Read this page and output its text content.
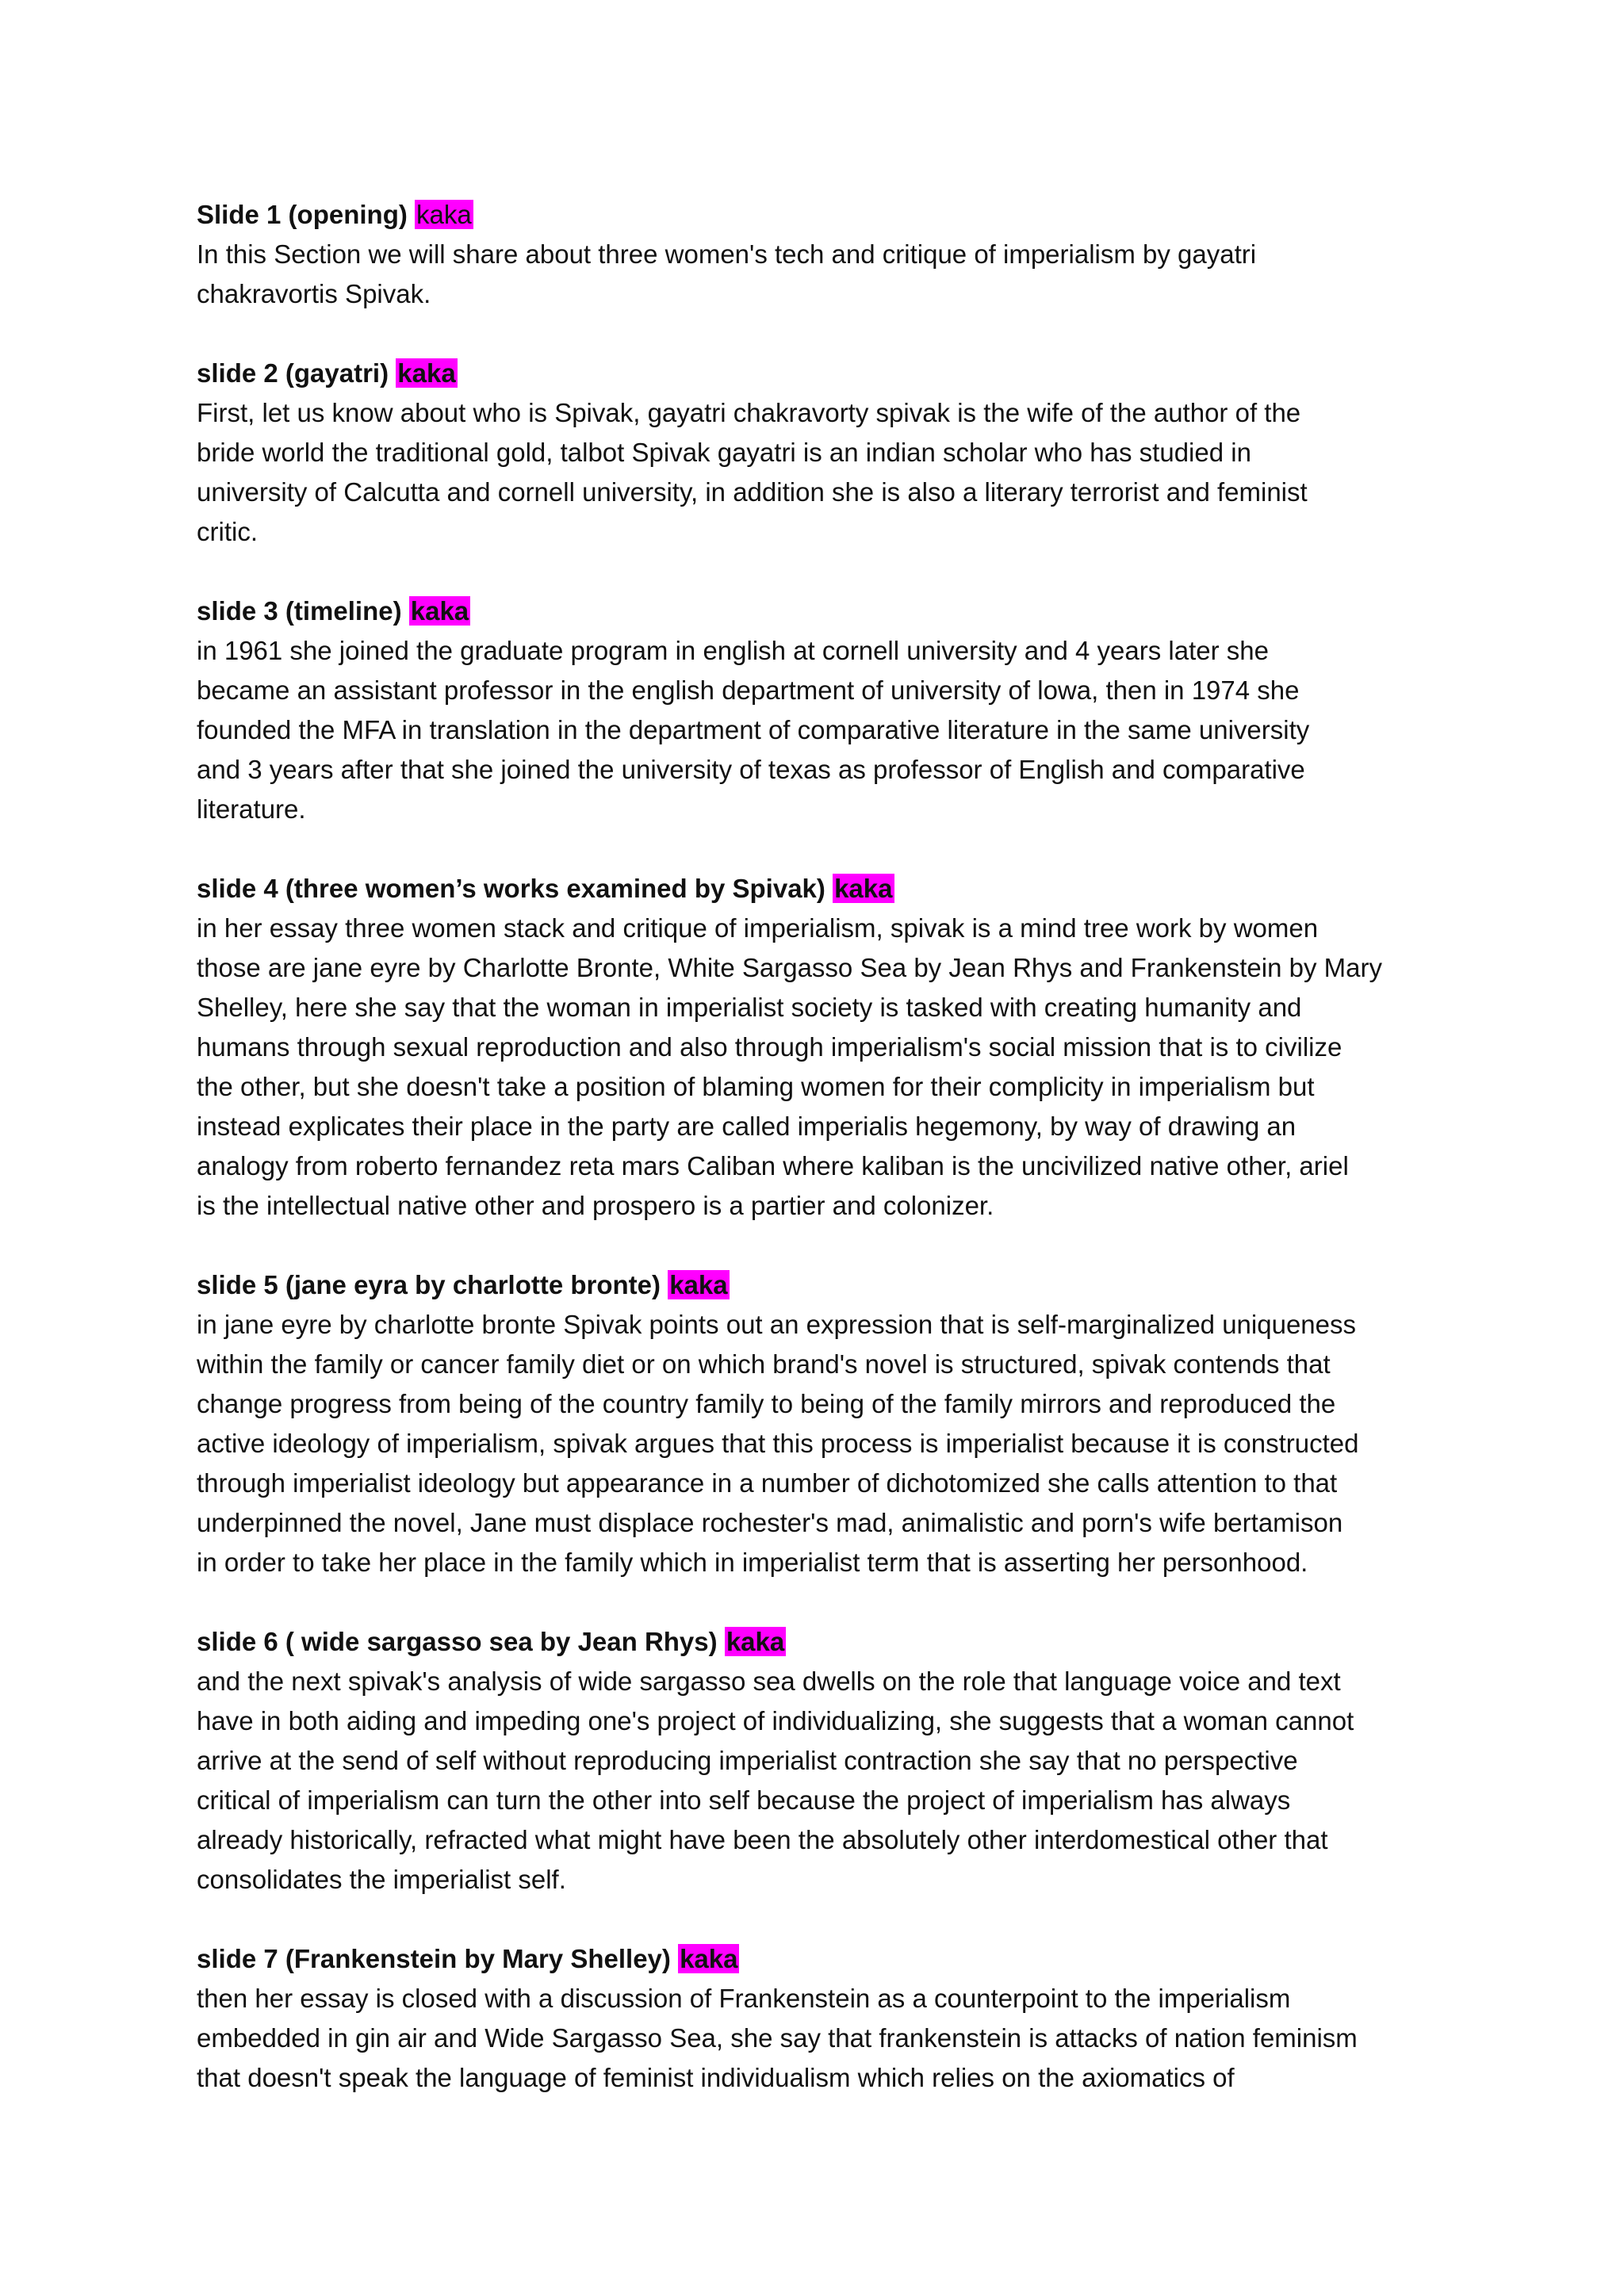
Slide 1 (opening) kaka

In this Section we will share about three women's tech and critique of imperialism by gayatri

chakravortis Spivak.

slide 2 (gayatri) kaka

First, let us know about who is Spivak, gayatri chakravorty spivak is the wife of the author of the

bride world the traditional gold, talbot Spivak gayatri is an indian scholar who has studied in

university of Calcutta and cornell university, in addition she is also a literary terrorist and feminist

critic.

slide 3 (timeline) kaka

in 1961 she joined the graduate program in english at cornell university and 4 years later she

became an assistant professor in the english department of university of lowa, then in 1974 she

founded the MFA in translation in the department of comparative literature in the same university

and 3 years after that she joined the university of texas as professor of English and comparative

literature.

slide 4 (three women’s works examined by Spivak) kaka

in her essay three women stack and critique of imperialism, spivak is a mind tree work by women

those are jane eyre by Charlotte Bronte, White Sargasso Sea by Jean Rhys and Frankenstein by Mary

Shelley, here she say that the woman in imperialist society is tasked with creating humanity and

humans through sexual reproduction and also through imperialism's social mission that is to civilize

the other, but she doesn't take a position of blaming women for their complicity in imperialism but

instead explicates their place in the party are called imperialis hegemony, by way of drawing an

analogy from roberto fernandez reta mars Caliban where kaliban is the uncivilized native other, ariel

is the intellectual native other and prospero is a partier and colonizer.

slide 5 (jane eyra by charlotte bronte) kaka

in jane eyre by charlotte bronte Spivak points out an expression that is self-marginalized uniqueness

within the family or cancer family diet or on which brand's novel is structured, spivak contends that

change progress from being of the country family to being of the family mirrors and reproduced the

active ideology of imperialism, spivak argues that this process is imperialist because it is constructed

through imperialist ideology but appearance in a number of dichotomized she calls attention to that

underpinned the novel, Jane must displace rochester's mad, animalistic and porn's wife bertamison

in order to take her place in the family which in imperialist term that is asserting her personhood.

slide 6 ( wide sargasso sea by Jean Rhys) kaka

and the next spivak's analysis of wide sargasso sea dwells on the role that language voice and text

have in both aiding and impeding one's project of individualizing, she suggests that a woman cannot

arrive at the send of self without reproducing imperialist contraction she say that no perspective

critical of imperialism can turn the other into self because the project of imperialism has always

already historically, refracted what might have been the absolutely other interdomestical other that

consolidates the imperialist self.

slide 7 (Frankenstein by Mary Shelley) kaka

then her essay is closed with a discussion of Frankenstein as a counterpoint to the imperialism

embedded in gin air and Wide Sargasso Sea, she say that frankenstein is attacks of nation feminism

that doesn't speak the language of feminist individualism which relies on the axiomatics of
